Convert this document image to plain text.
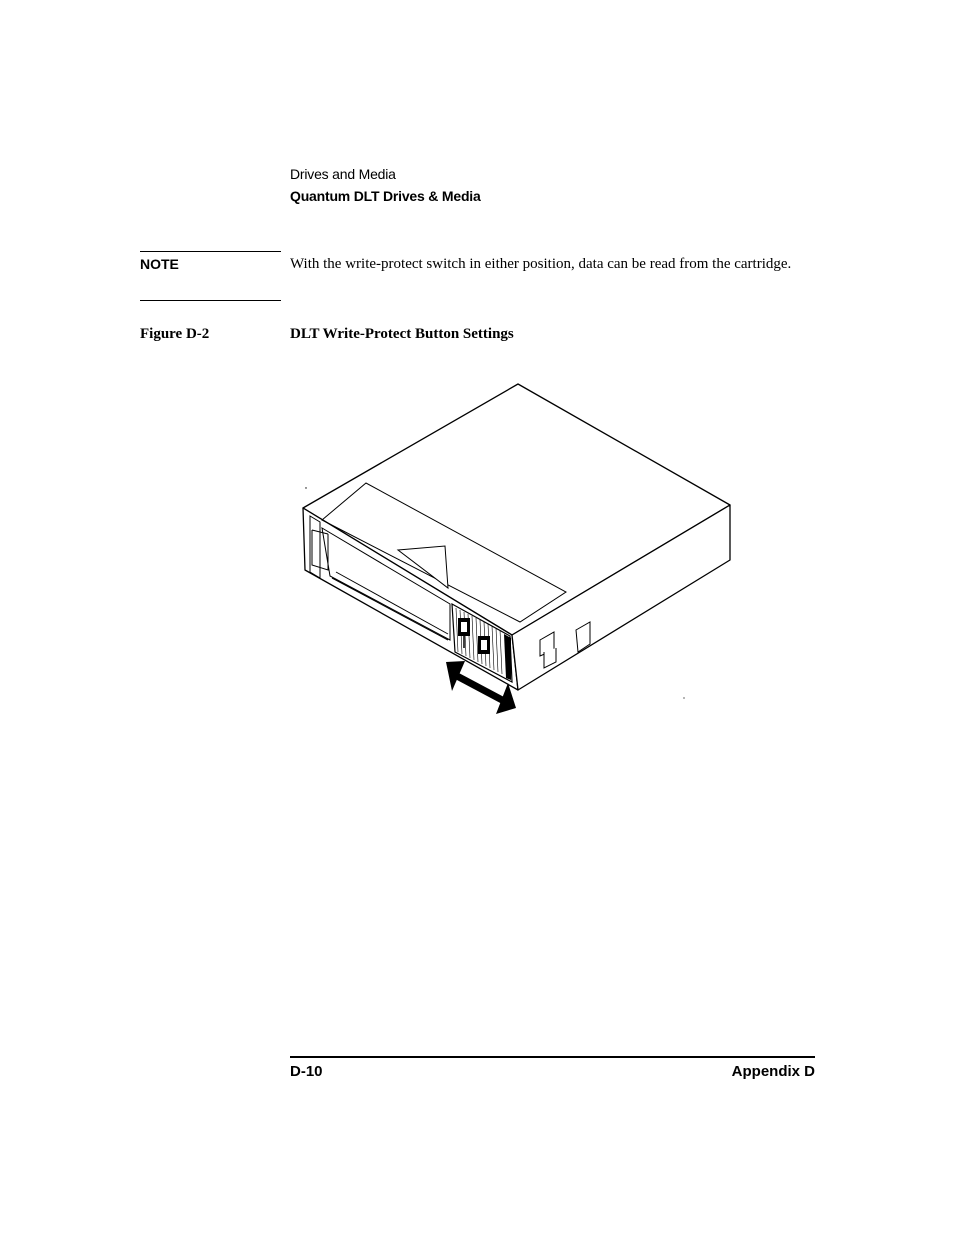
Drives and Media
Quantum DLT Drives & Media
NOTE	With the write-protect switch in either position, data can be read from the cartridge.
Figure D-2	DLT Write-Protect Button Settings
D-10	Appendix D
